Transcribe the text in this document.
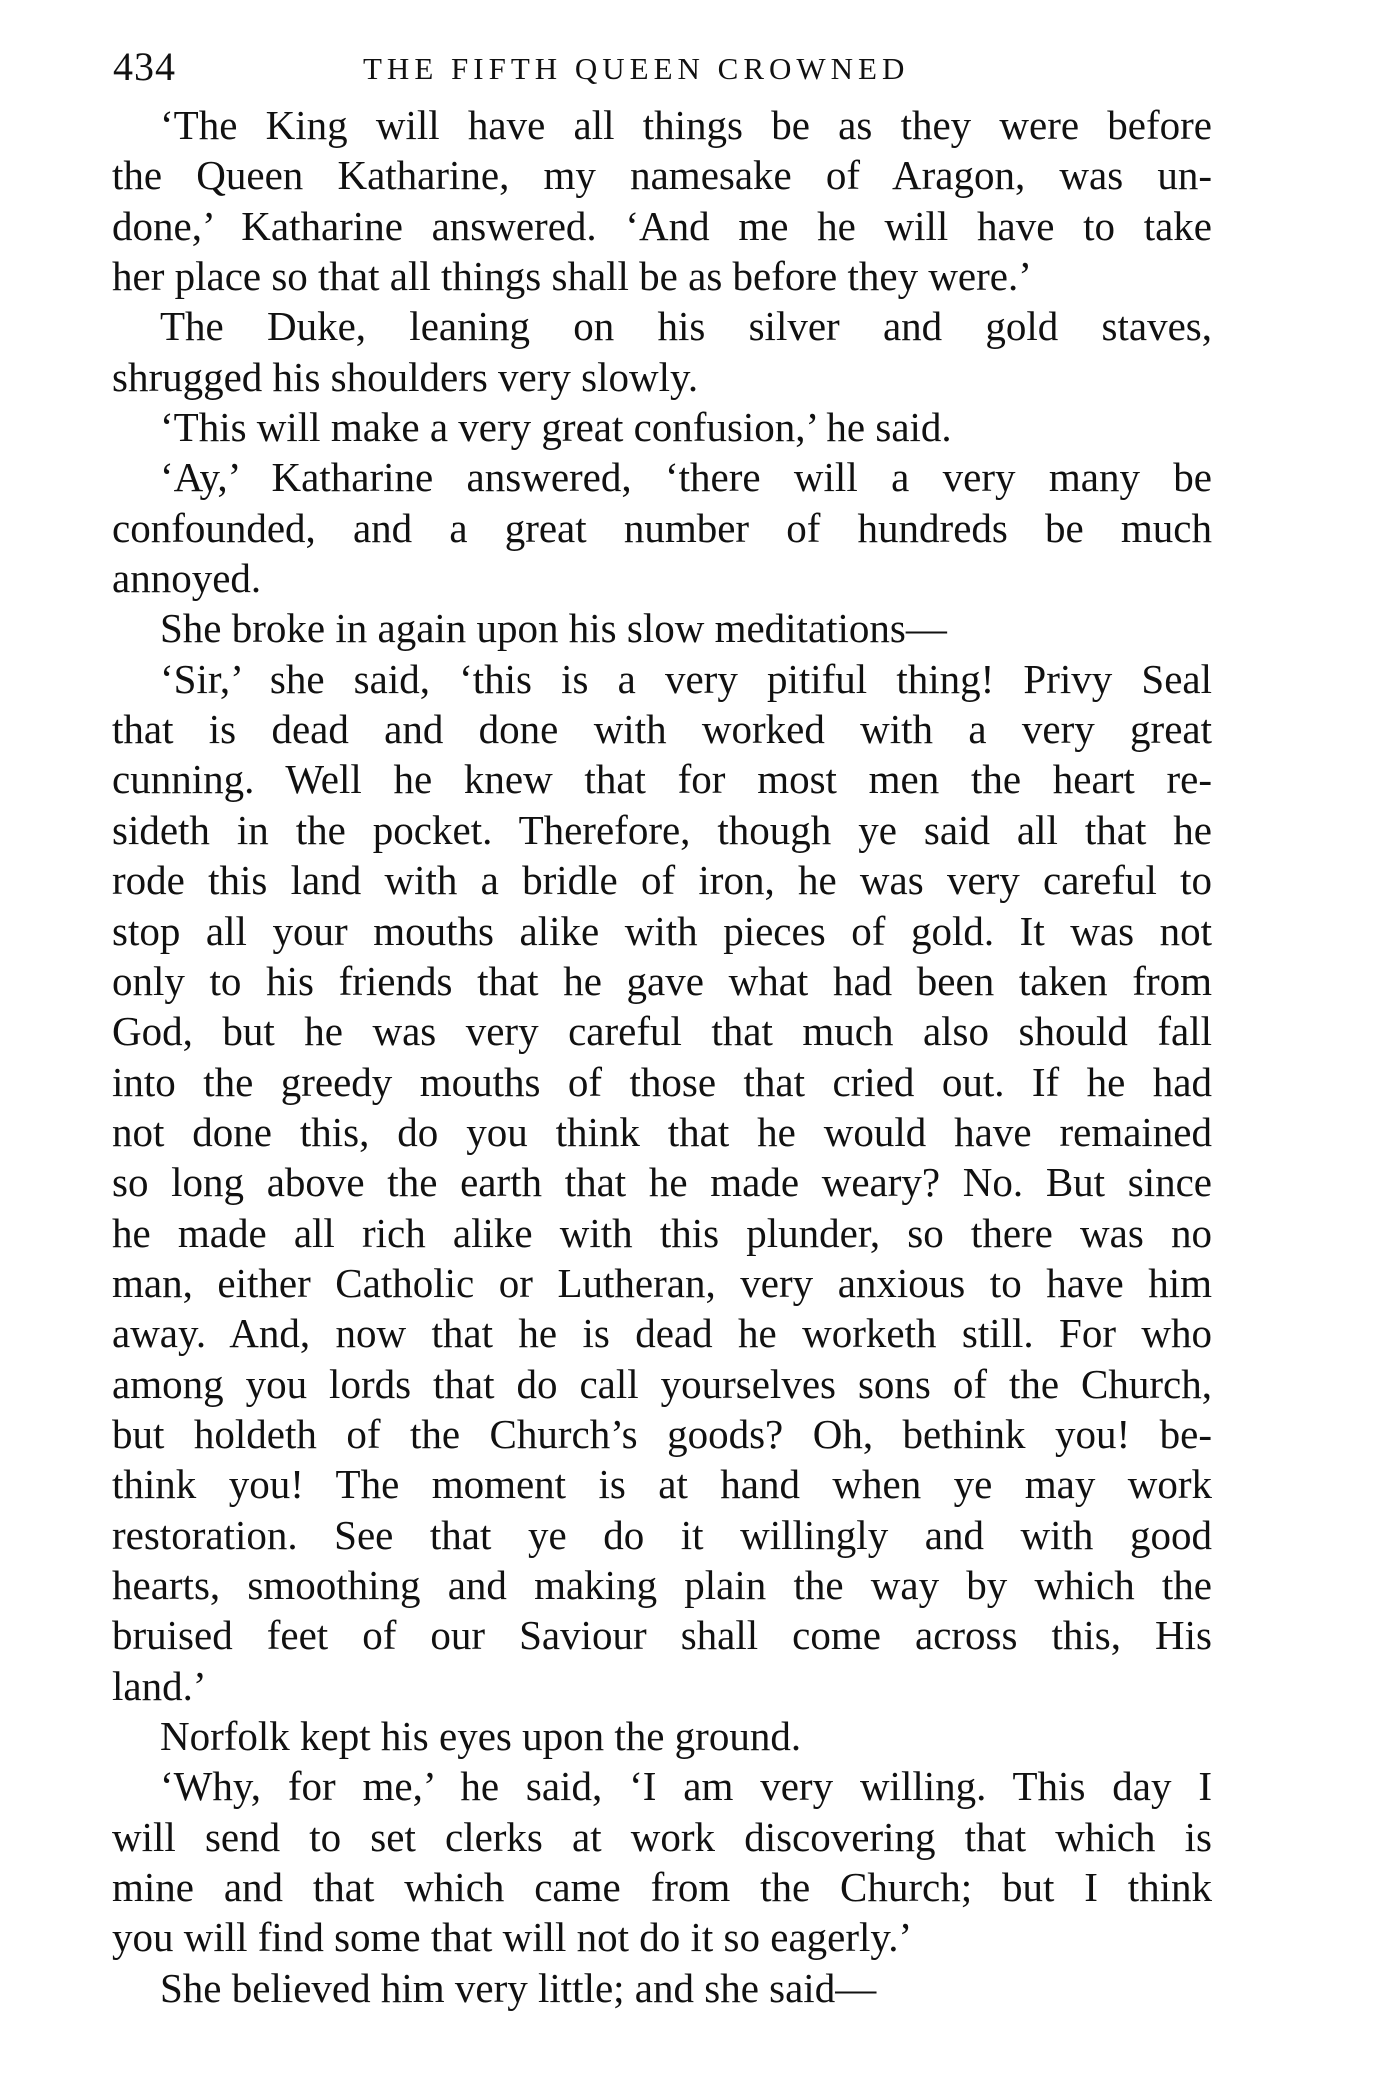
434	THE FIFTH QUEEN CROWNED
‘The King will have all things be as they were before
the Queen Katharine, my namesake of Aragon, was un-
done,’ Katharine answered. ‘And me he will have to take
her place so that all things shall be as before they were.’
The Duke, leaning on his silver and gold staves,
shrugged his shoulders very slowly.
‘This will make a very great confusion,’ he said.
‘Ay,’ Katharine answered, ‘there will a very many be
confounded, and a great number of hundreds be much
annoyed.
She broke in again upon his slow meditations—
‘Sir,’ she said, ‘this is a very pitiful thing! Privy Seal
that is dead and done with worked with a very great
cunning. Well he knew that for most men the heart re-
sideth in the pocket. Therefore, though ye said all that he
rode this land with a bridle of iron, he was very careful to
stop all your mouths alike with pieces of gold. It was not
only to his friends that he gave what had been taken from
God, but he was very careful that much also should fall
into the greedy mouths of those that cried out. If he had
not done this, do you think that he would have remained
so long above the earth that he made weary? No. But since
he made all rich alike with this plunder, so there was no
man, either Catholic or Lutheran, very anxious to have him
away. And, now that he is dead he worketh still. For who
among you lords that do call yourselves sons of the Church,
but holdeth of the Church’s goods? Oh, bethink you! be-
think you! The moment is at hand when ye may work
restoration. See that ye do it willingly and with good
hearts, smoothing and making plain the way by which the
bruised feet of our Saviour shall come across this, His
land.’
Norfolk kept his eyes upon the ground.
‘Why, for me,’ he said, ‘I am very willing. This day I
will send to set clerks at work discovering that which is
mine and that which came from the Church; but I think
you will find some that will not do it so eagerly.’
She believed him very little; and she said—
